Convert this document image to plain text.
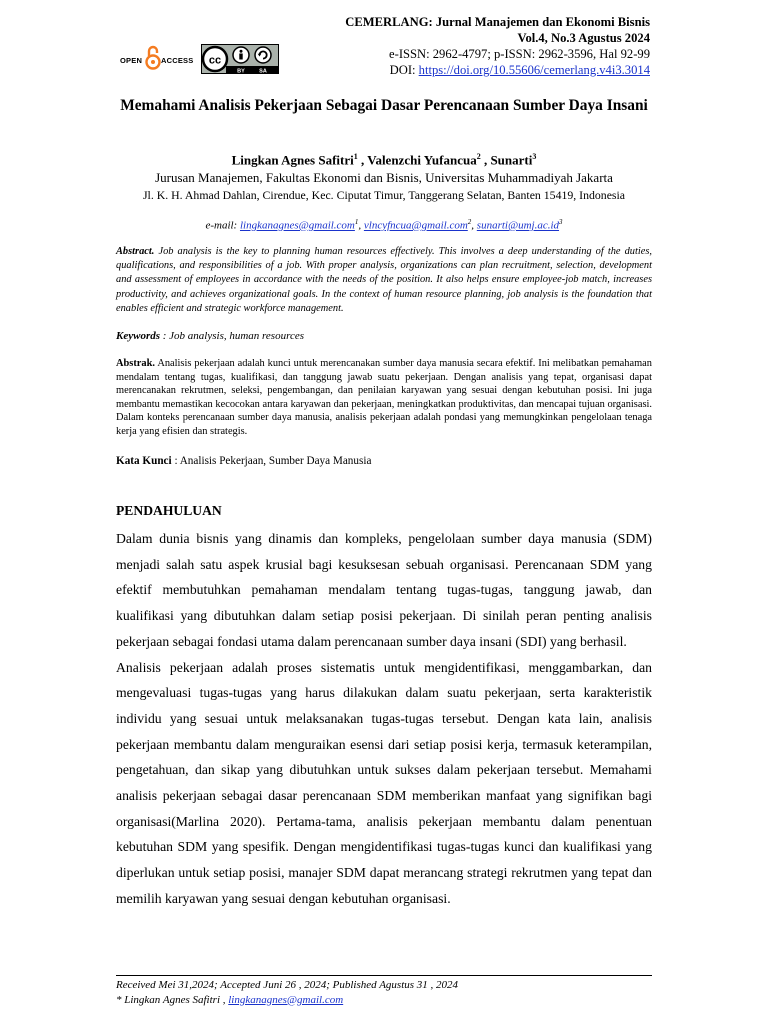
OPEN	ACCESS cc
BY	SA
CEMERLANG: Jurnal Manajemen dan Ekonomi Bisnis
Vol.4, No.3 Agustus 2024
e-ISSN: 2962-4797; p-ISSN: 2962-3596, Hal 92-99
DOI: https://doi.org/10.55606/cemerlang.v4i3.3014
Memahami Analisis Pekerjaan Sebagai Dasar Perencanaan Sumber Daya Insani
Lingkan Agnes Safitri$^1$ , Valenzchi Yufancua$^2$ , Sunarti$^3$
Jurusan Manajemen, Fakultas Ekonomi dan Bisnis, Universitas Muhammadiyah Jakarta
Jl. K. H. Ahmad Dahlan, Cirendue, Kec. Ciputat Timur, Tanggerang Selatan, Banten 15419, Indonesia
e-mail: lingkanagnes@gmail.com$^1$, vlncyfncua@gmail.com$^2$, $sunarti@umj.ac.id^3$
Abstract. Job analysis is the key to planning human resources effectively. This involves a deep understanding of the duties, qualifications, and responsibilities of a job. With proper analysis, organizations can plan recruitment, selection, development and assessment of employees in accordance with the needs of the position. It also helps ensure employee-job match, increases productivity, and achieves organizational goals. In the context of human resource planning, job analysis is the foundation that enables efficient and strategic workforce management.
Keywords : Job analysis, human resources
Abstrak. Analisis pekerjaan adalah kunci untuk merencanakan sumber daya manusia secara efektif. Ini melibatkan pemahaman mendalam tentang tugas, kualifikasi, dan tanggung jawab suatu pekerjaan. Dengan analisis yang tepat, organisasi dapat merencanakan rekrutmen, seleksi, pengembangan, dan penilaian karyawan yang sesuai dengan kebutuhan posisi. Ini juga membantu memastikan kecocokan antara karyawan dan pekerjaan, meningkatkan produktivitas, dan mencapai tujuan organisasi. Dalam konteks perencanaan sumber daya manusia, analisis pekerjaan adalah pondasi yang memungkinkan pengelolaan tenaga kerja yang efisien dan strategis.
Kata Kunci : Analisis Pekerjaan, Sumber Daya Manusia
PENDAHULUAN

Dalam dunia bisnis yang dinamis dan kompleks, pengelolaan sumber daya manusia (SDM) menjadi salah satu aspek krusial bagi kesuksesan sebuah organisasi. Perencanaan SDM yang efektif membutuhkan pemahaman mendalam tentang tugas-tugas, tanggung jawab, dan kualifikasi yang dibutuhkan dalam setiap posisi pekerjaan. Di sinilah peran penting analisis pekerjaan sebagai fondasi utama dalam perencanaan sumber daya insani (SDI) yang berhasil.

Analisis pekerjaan adalah proses sistematis untuk mengidentifikasi, menggambarkan, dan mengevaluasi tugas-tugas yang harus dilakukan dalam suatu pekerjaan, serta karakteristik individu yang sesuai untuk melaksanakan tugas-tugas tersebut. Dengan kata lain, analisis pekerjaan membantu dalam menguraikan esensi dari setiap posisi kerja, termasuk keterampilan, pengetahuan, dan sikap yang dibutuhkan untuk sukses dalam pekerjaan tersebut. Memahami analisis pekerjaan sebagai dasar perencanaan SDM memberikan manfaat yang signifikan bagi organisasi(Marlina 2020). Pertama-tama, analisis pekerjaan membantu dalam penentuan kebutuhan SDM yang spesifik. Dengan mengidentifikasi tugas-tugas kunci dan kualifikasi yang diperlukan untuk setiap posisi, manajer SDM dapat merancang strategi rekrutmen yang tepat dan memilih karyawan yang sesuai dengan kebutuhan organisasi.

Received Mei 31,2024; Accepted Juni 26 , 2024; Published Agustus 31 , 2024
* Lingkan Agnes Safitri , lingkanagnes@gmail.com
